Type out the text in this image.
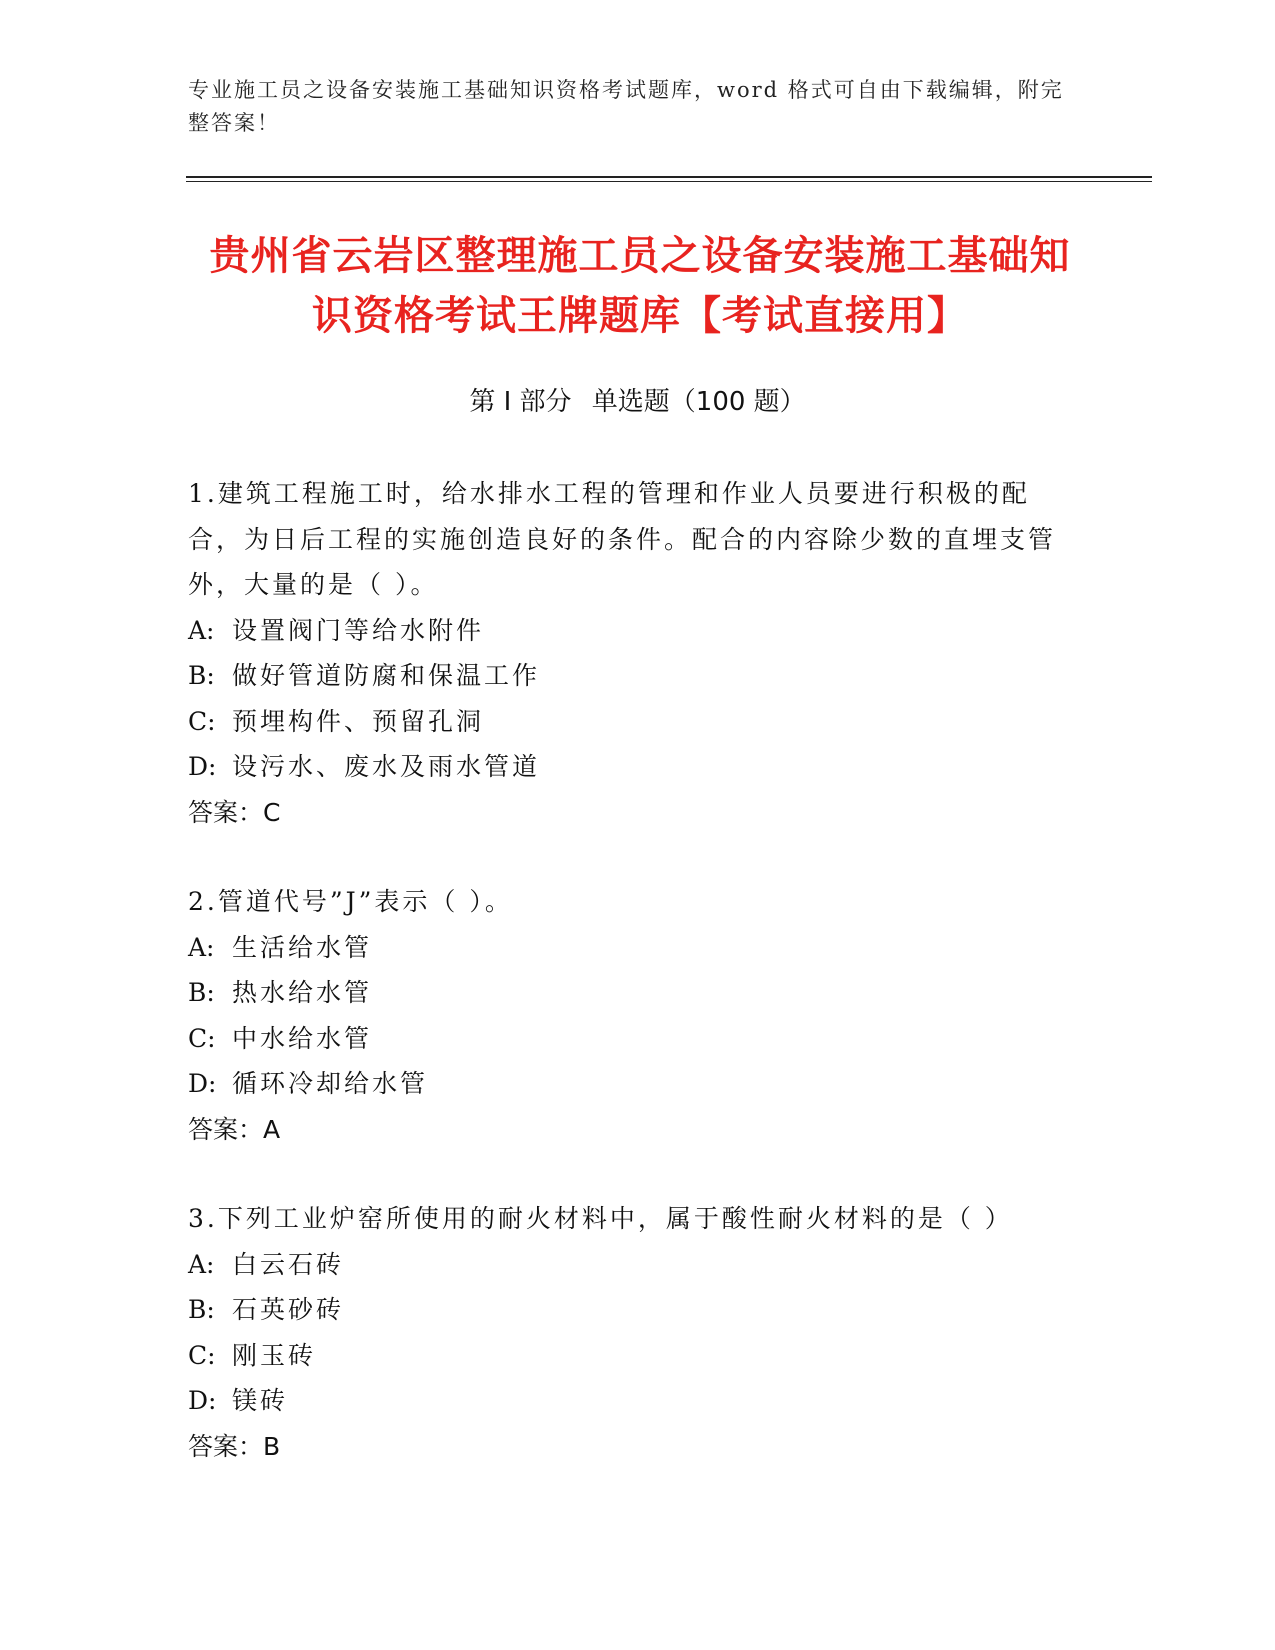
专业施工员之设备安装施工基础知识资格考试题库，word 格式可自由下载编辑，附完整答案！
贵州省云岩区整理施工员之设备安装施工基础知识资格考试王牌题库【考试直接用】
第 I 部分 单选题（100 题）

1.建筑工程施工时，给水排水工程的管理和作业人员要进行积极的配合，为日后工程的实施创造良好的条件。配合的内容除少数的直埋支管外，大量的是（ ）。

A: 设置阀门等给水附件

B: 做好管道防腐和保温工作

C: 预埋构件、预留孔洞

D: 设污水、废水及雨水管道

答案：C

2.管道代号”J”表示（ ）。

A: 生活给水管

B: 热水给水管

C: 中水给水管

D: 循环冷却给水管

答案：A

3.下列工业炉窑所使用的耐火材料中，属于酸性耐火材料的是（ ）

A: 白云石砖

B: 石英砂砖

C: 刚玉砖

D: 镁砖

答案：B
